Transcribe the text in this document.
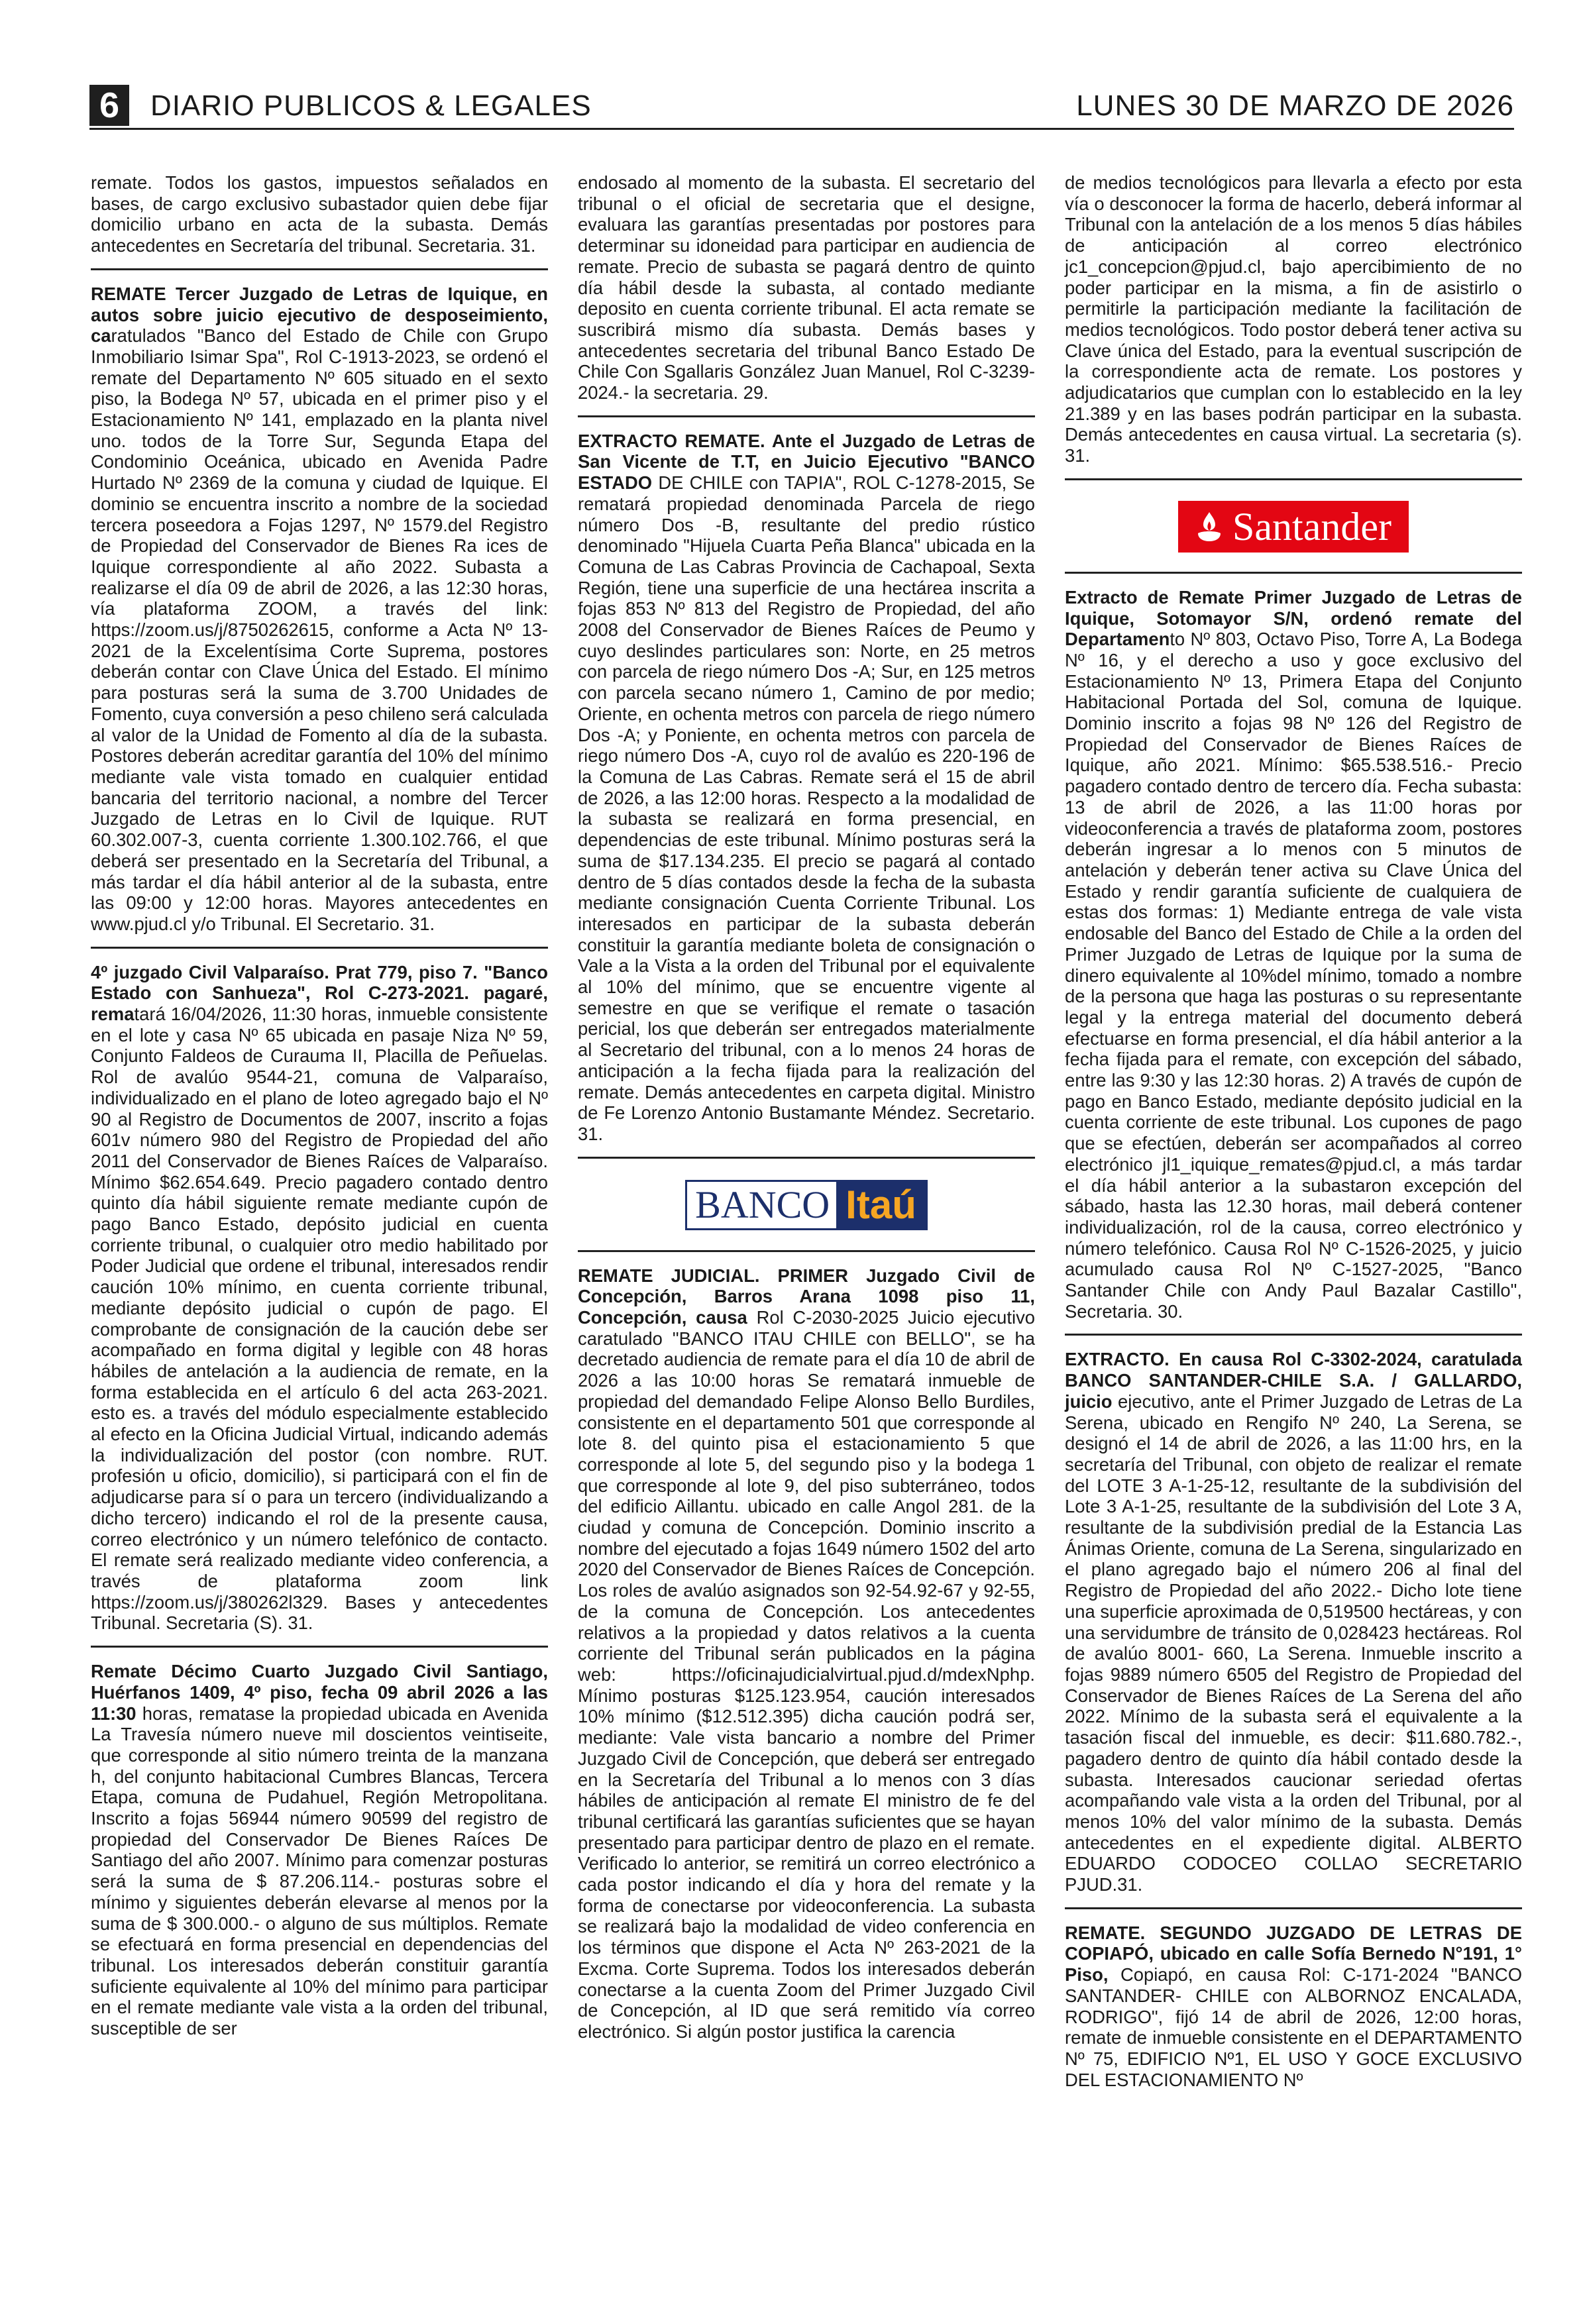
6	DIARIO PUBLICOS & LEGALES	LUNES 30 DE MARZO DE 2026

remate. Todos los gastos, impuestos señalados en bases, de cargo exclusivo subastador quien debe fijar domicilio urbano en acta de la subasta. Demás antecedentes en Secretaría del tribunal. Secretaria. 31.

REMATE Tercer Juzgado de Letras de Iquique, en autos sobre juicio ejecutivo de desposeimiento, caratulados "Banco del Estado de Chile con Grupo Inmobiliario Isimar Spa", Rol C-1913-2023, se ordenó el remate del Departamento Nº 605 situado en el sexto piso, la Bodega Nº 57, ubicada en el primer piso y el Estacionamiento Nº 141, emplazado en la planta nivel uno. todos de la Torre Sur, Segunda Etapa del Condominio Oceánica, ubicado en Avenida Padre Hurtado Nº 2369 de la comuna y ciudad de Iquique. El dominio se encuentra inscrito a nombre de la sociedad tercera poseedora a Fojas 1297, Nº 1579.del Registro de Propiedad del Conservador de Bienes Ra ices de Iquique correspondiente al año 2022. Subasta a realizarse el día 09 de abril de 2026, a las 12:30 horas, vía plataforma ZOOM, a través del link: https://zoom.us/j/8750262615, conforme a Acta Nº 13-2021 de la Excelentísima Corte Suprema, postores deberán contar con Clave Única del Estado. El mínimo para posturas será la suma de 3.700 Unidades de Fomento, cuya conversión a peso chileno será calculada al valor de la Unidad de Fomento al día de la subasta. Postores deberán acreditar garantía del 10% del mínimo mediante vale vista tomado en cualquier entidad bancaria del territorio nacional, a nombre del Tercer Juzgado de Letras en lo Civil de Iquique. RUT 60.302.007-3, cuenta corriente 1.300.102.766, el que deberá ser presentado en la Secretaría del Tribunal, a más tardar el día hábil anterior al de la subasta, entre las 09:00 y 12:00 horas. Mayores antecedentes en www.pjud.cl y/o Tribunal. El Secretario. 31.

4º juzgado Civil Valparaíso. Prat 779, piso 7. "Banco Estado con Sanhueza", Rol C-273-2021. pagaré, rematará 16/04/2026, 11:30 horas, inmueble consistente en el lote y casa Nº 65 ubicada en pasaje Niza Nº 59, Conjunto Faldeos de Curauma II, Placilla de Peñuelas. Rol de avalúo 9544-21, comuna de Valparaíso, individualizado en el plano de loteo agregado bajo el Nº 90 al Registro de Documentos de 2007, inscrito a fojas 601v número 980 del Registro de Propiedad del año 2011 del Conservador de Bienes Raíces de Valparaíso. Mínimo $62.654.649. Precio pagadero contado dentro quinto día hábil siguiente remate mediante cupón de pago Banco Estado, depósito judicial en cuenta corriente tribunal, o cualquier otro medio habilitado por Poder Judicial que ordene el tribunal, interesados rendir caución 10% mínimo, en cuenta corriente tribunal, mediante depósito judicial o cupón de pago. El comprobante de consignación de la caución debe ser acompañado en forma digital y legible con 48 horas hábiles de antelación a la audiencia de remate, en la forma establecida en el artículo 6 del acta 263-2021. esto es. a través del módulo especialmente establecido al efecto en la Oficina Judicial Virtual, indicando además la individualización del postor (con nombre. RUT. profesión u oficio, domicilio), si participará con el fin de adjudicarse para sí o para un tercero (individualizando a dicho tercero) indicando el rol de la presente causa, correo electrónico y un número telefónico de contacto. El remate será realizado mediante video conferencia, a través de plataforma zoom link https://zoom.us/j/380262l329. Bases y antecedentes Tribunal. Secretaria (S). 31.

Remate Décimo Cuarto Juzgado Civil Santiago, Huérfanos 1409, 4º piso, fecha 09 abril 2026 a las 11:30 horas, rematase la propiedad ubicada en Avenida La Travesía número nueve mil doscientos veintiseite, que corresponde al sitio número treinta de la manzana h, del conjunto habitacional Cumbres Blancas, Tercera Etapa, comuna de Pudahuel, Región Metropolitana. Inscrito a fojas 56944 número 90599 del registro de propiedad del Conservador De Bienes Raíces De Santiago del año 2007. Mínimo para comenzar posturas será la suma de $ 87.206.114.- posturas sobre el mínimo y siguientes deberán elevarse al menos por la suma de $ 300.000.- o alguno de sus múltiplos. Remate se efectuará en forma presencial en dependencias del tribunal. Los interesados deberán constituir garantía suficiente equivalente al 10% del mínimo para participar en el remate mediante vale vista a la orden del tribunal, susceptible de ser

endosado al momento de la subasta. El secretario del tribunal o el oficial de secretaria que el designe, evaluara las garantías presentadas por postores para determinar su idoneidad para participar en audiencia de remate. Precio de subasta se pagará dentro de quinto día hábil desde la subasta, al contado mediante deposito en cuenta corriente tribunal. El acta remate se suscribirá mismo día subasta. Demás bases y antecedentes secretaria del tribunal Banco Estado De Chile Con Sgallaris González Juan Manuel, Rol C-3239-2024.- la secretaria. 29.

EXTRACTO REMATE. Ante el Juzgado de Letras de San Vicente de T.T, en Juicio Ejecutivo "BANCO ESTADO DE CHILE con TAPIA", ROL C-1278-2015, Se rematará propiedad denominada Parcela de riego número Dos -B, resultante del predio rústico denominado "Hijuela Cuarta Peña Blanca" ubicada en la Comuna de Las Cabras Provincia de Cachapoal, Sexta Región, tiene una superficie de una hectárea inscrita a fojas 853 Nº 813 del Registro de Propiedad, del año 2008 del Conservador de Bienes Raíces de Peumo y cuyo deslindes particulares son: Norte, en 25 metros con parcela de riego número Dos -A; Sur, en 125 metros con parcela secano número 1, Camino de por medio; Oriente, en ochenta metros con parcela de riego número Dos -A; y Poniente, en ochenta metros con parcela de riego número Dos -A, cuyo rol de avalúo es 220-196 de la Comuna de Las Cabras. Remate será el 15 de abril de 2026, a las 12:00 horas. Respecto a la modalidad de la subasta se realizará en forma presencial, en dependencias de este tribunal. Mínimo posturas será la suma de $17.134.235. El precio se pagará al contado dentro de 5 días contados desde la fecha de la subasta mediante consignación Cuenta Corriente Tribunal. Los interesados en participar de la subasta deberán constituir la garantía mediante boleta de consignación o Vale a la Vista a la orden del Tribunal por el equivalente al 10% del mínimo, que se encuentre vigente al semestre en que se verifique el remate o tasación pericial, los que deberán ser entregados materialmente al Secretario del tribunal, con a lo menos 24 horas de anticipación a la fecha fijada para la realización del remate. Demás antecedentes en carpeta digital. Ministro de Fe Lorenzo Antonio Bustamante Méndez. Secretario. 31.

BANCO Itaú

REMATE JUDICIAL. PRIMER Juzgado Civil de Concepción, Barros Arana 1098 piso 11, Concepción, causa Rol C-2030-2025 Juicio ejecutivo caratulado "BANCO ITAU CHILE con BELLO", se ha decretado audiencia de remate para el día 10 de abril de 2026 a las 10:00 horas Se rematará inmueble de propiedad del demandado Felipe Alonso Bello Burdiles, consistente en el departamento 501 que corresponde al lote 8. del quinto pisa el estacionamiento 5 que corresponde al lote 5, del segundo piso y la bodega 1 que corresponde al lote 9, del piso subterráneo, todos del edificio Aillantu. ubicado en calle Angol 281. de la ciudad y comuna de Concepción. Dominio inscrito a nombre del ejecutado a fojas 1649 número 1502 del arto 2020 del Conservador de Bienes Raíces de Concepción. Los roles de avalúo asignados son 92-54.92-67 y 92-55, de la comuna de Concepción. Los antecedentes relativos a la propiedad y datos relativos a la cuenta corriente del Tribunal serán publicados en la página web: https://oficinajudicialvirtual.pjud.d/mdexNphp. Mínimo posturas $125.123.954, caución interesados 10% mínimo ($12.512.395) dicha caución podrá ser, mediante: Vale vista bancario a nombre del Primer Juzgado Civil de Concepción, que deberá ser entregado en la Secretaría del Tribunal a lo menos con 3 días hábiles de anticipación al remate El ministro de fe del tribunal certificará las garantías suficientes que se hayan presentado para participar dentro de plazo en el remate. Verificado lo anterior, se remitirá un correo electrónico a cada postor indicando el día y hora del remate y la forma de conectarse por videoconferencia. La subasta se realizará bajo la modalidad de video conferencia en los términos que dispone el Acta Nº 263-2021 de la Excma. Corte Suprema. Todos los interesados deberán conectarse a la cuenta Zoom del Primer Juzgado Civil de Concepción, al ID que será remitido vía correo electrónico. Si algún postor justifica la carencia

de medios tecnológicos para llevarla a efecto por esta vía o desconocer la forma de hacerlo, deberá informar al Tribunal con la antelación de a los menos 5 días hábiles de anticipación al correo electrónico jc1_concepcion@pjud.cl, bajo apercibimiento de no poder participar en la misma, a fin de asistirlo o permitirle la participación mediante la facilitación de medios tecnológicos. Todo postor deberá tener activa su Clave única del Estado, para la eventual suscripción de la correspondiente acta de remate. Los postores y adjudicatarios que cumplan con lo establecido en la ley 21.389 y en las bases podrán participar en la subasta. Demás antecedentes en causa virtual. La secretaria (s). 31.

Santander

Extracto de Remate Primer Juzgado de Letras de Iquique, Sotomayor S/N, ordenó remate del Departamento Nº 803, Octavo Piso, Torre A, La Bodega Nº 16, y el derecho a uso y goce exclusivo del Estacionamiento Nº 13, Primera Etapa del Conjunto Habitacional Portada del Sol, comuna de Iquique. Dominio inscrito a fojas 98 Nº 126 del Registro de Propiedad del Conservador de Bienes Raíces de Iquique, año 2021. Mínimo: $65.538.516.- Precio pagadero contado dentro de tercero día. Fecha subasta: 13 de abril de 2026, a las 11:00 horas por videoconferencia a través de plataforma zoom, postores deberán ingresar a lo menos con 5 minutos de antelación y deberán tener activa su Clave Única del Estado y rendir garantía suficiente de cualquiera de estas dos formas: 1) Mediante entrega de vale vista endosable del Banco del Estado de Chile a la orden del Primer Juzgado de Letras de Iquique por la suma de dinero equivalente al 10%del mínimo, tomado a nombre de la persona que haga las posturas o su representante legal y la entrega material del documento deberá efectuarse en forma presencial, el día hábil anterior a la fecha fijada para el remate, con excepción del sábado, entre las 9:30 y las 12:30 horas. 2) A través de cupón de pago en Banco Estado, mediante depósito judicial en la cuenta corriente de este tribunal. Los cupones de pago que se efectúen, deberán ser acompañados al correo electrónico jl1_iquique_remates@pjud.cl, a más tardar el día hábil anterior a la subastaron excepción del sábado, hasta las 12.30 horas, mail deberá contener individualización, rol de la causa, correo electrónico y número telefónico. Causa Rol Nº C-1526-2025, y juicio acumulado causa Rol Nº C-1527-2025, "Banco Santander Chile con Andy Paul Bazalar Castillo", Secretaria. 30.

EXTRACTO. En causa Rol C-3302-2024, caratulada BANCO SANTANDER-CHILE S.A. / GALLARDO, juicio ejecutivo, ante el Primer Juzgado de Letras de La Serena, ubicado en Rengifo Nº 240, La Serena, se designó el 14 de abril de 2026, a las 11:00 hrs, en la secretaría del Tribunal, con objeto de realizar el remate del LOTE 3 A-1-25-12, resultante de la subdivisión del Lote 3 A-1-25, resultante de la subdivisión del Lote 3 A, resultante de la subdivisión predial de la Estancia Las Ánimas Oriente, comuna de La Serena, singularizado en el plano agregado bajo el número 206 al final del Registro de Propiedad del año 2022.- Dicho lote tiene una superficie aproximada de 0,519500 hectáreas, y con una servidumbre de tránsito de 0,028423 hectáreas. Rol de avalúo 8001- 660, La Serena. Inmueble inscrito a fojas 9889 número 6505 del Registro de Propiedad del Conservador de Bienes Raíces de La Serena del año 2022. Mínimo de la subasta será el equivalente a la tasación fiscal del inmueble, es decir: $11.680.782.-, pagadero dentro de quinto día hábil contado desde la subasta. Interesados caucionar seriedad ofertas acompañando vale vista a la orden del Tribunal, por al menos 10% del valor mínimo de la subasta. Demás antecedentes en el expediente digital. ALBERTO EDUARDO CODOCEO COLLAO SECRETARIO PJUD.31.

REMATE. SEGUNDO JUZGADO DE LETRAS DE COPIAPÓ, ubicado en calle Sofía Bernedo N°191, 1° Piso, Copiapó, en causa Rol: C-171-2024 "BANCO SANTANDER- CHILE con ALBORNOZ ENCALADA, RODRIGO", fijó 14 de abril de 2026, 12:00 horas, remate de inmueble consistente en el DEPARTAMENTO Nº 75, EDIFICIO Nº1, EL USO Y GOCE EXCLUSIVO DEL ESTACIONAMIENTO Nº
